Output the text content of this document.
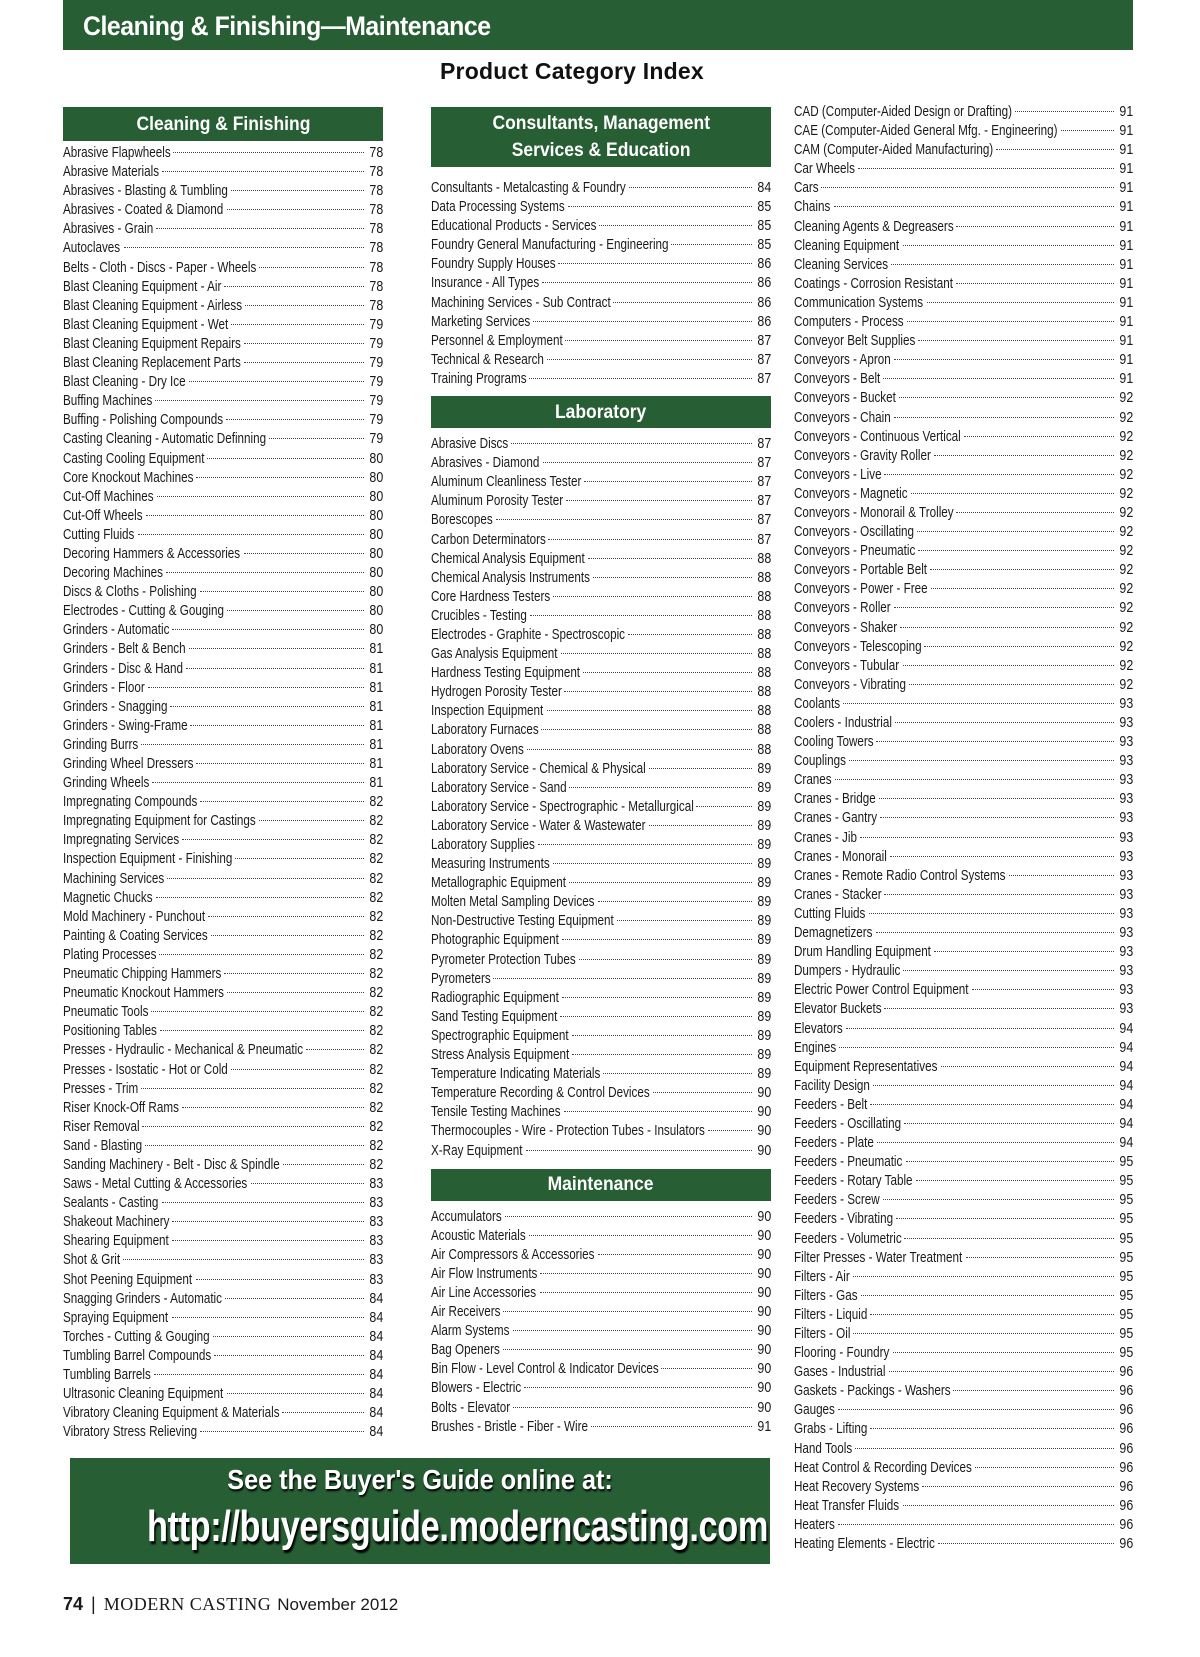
Cleaning & Finishing—Maintenance
Product Category Index
Cleaning & Finishing
Abrasive Flapwheels	78
Abrasive Materials	78
Abrasives - Blasting & Tumbling	78
Abrasives - Coated & Diamond	78
Abrasives - Grain	78
Autoclaves	78
Belts - Cloth - Discs - Paper - Wheels	78
Blast Cleaning Equipment - Air	78
Blast Cleaning Equipment - Airless	78
Blast Cleaning Equipment - Wet	79
Blast Cleaning Equipment Repairs	79
Blast Cleaning Replacement Parts	79
Blast Cleaning - Dry Ice	79
Buffing Machines	79
Buffing - Polishing Compounds	79
Casting Cleaning - Automatic Definning	79
Casting Cooling Equipment	80
Core Knockout Machines	80
Cut-Off Machines	80
Cut-Off Wheels	80
Cutting Fluids	80
Decoring Hammers & Accessories	80
Decoring Machines	80
Discs & Cloths - Polishing	80
Electrodes - Cutting & Gouging	80
Grinders - Automatic	80
Grinders - Belt & Bench	81
Grinders - Disc & Hand	81
Grinders - Floor	81
Grinders - Snagging	81
Grinders - Swing-Frame	81
Grinding Burrs	81
Grinding Wheel Dressers	81
Grinding Wheels	81
Impregnating Compounds	82
Impregnating Equipment for Castings	82
Impregnating Services	82
Inspection Equipment - Finishing	82
Machining Services	82
Magnetic Chucks	82
Mold Machinery - Punchout	82
Painting & Coating Services	82
Plating Processes	82
Pneumatic Chipping Hammers	82
Pneumatic Knockout Hammers	82
Pneumatic Tools	82
Positioning Tables	82
Presses - Hydraulic - Mechanical & Pneumatic	82
Presses - Isostatic - Hot or Cold	82
Presses - Trim	82
Riser Knock-Off Rams	82
Riser Removal	82
Sand - Blasting	82
Sanding Machinery - Belt - Disc & Spindle	82
Saws - Metal Cutting & Accessories	83
Sealants - Casting	83
Shakeout Machinery	83
Shearing Equipment	83
Shot & Grit	83
Shot Peening Equipment	83
Snagging Grinders - Automatic	84
Spraying Equipment	84
Torches - Cutting & Gouging	84
Tumbling Barrel Compounds	84
Tumbling Barrels	84
Ultrasonic Cleaning Equipment	84
Vibratory Cleaning Equipment & Materials	84
Vibratory Stress Relieving	84
Consultants, Management
Services & Education
Consultants - Metalcasting & Foundry	84
Data Processing Systems	85
Educational Products - Services	85
Foundry General Manufacturing - Engineering	85
Foundry Supply Houses	86
Insurance - All Types	86
Machining Services - Sub Contract	86
Marketing Services	86
Personnel & Employment	87
Technical & Research	87
Training Programs	87
Laboratory
Abrasive Discs	87
Abrasives - Diamond	87
Aluminum Cleanliness Tester	87
Aluminum Porosity Tester	87
Borescopes	87
Carbon Determinators	87
Chemical Analysis Equipment	88
Chemical Analysis Instruments	88
Core Hardness Testers	88
Crucibles - Testing	88
Electrodes - Graphite - Spectroscopic	88
Gas Analysis Equipment	88
Hardness Testing Equipment	88
Hydrogen Porosity Tester	88
Inspection Equipment	88
Laboratory Furnaces	88
Laboratory Ovens	88
Laboratory Service - Chemical & Physical	89
Laboratory Service - Sand	89
Laboratory Service - Spectrographic - Metallurgical	89
Laboratory Service - Water & Wastewater	89
Laboratory Supplies	89
Measuring Instruments	89
Metallographic Equipment	89
Molten Metal Sampling Devices	89
Non-Destructive Testing Equipment	89
Photographic Equipment	89
Pyrometer Protection Tubes	89
Pyrometers	89
Radiographic Equipment	89
Sand Testing Equipment	89
Spectrographic Equipment	89
Stress Analysis Equipment	89
Temperature Indicating Materials	89
Temperature Recording & Control Devices	90
Tensile Testing Machines	90
Thermocouples - Wire - Protection Tubes - Insulators	90
X-Ray Equipment	90
Maintenance
Accumulators	90
Acoustic Materials	90
Air Compressors & Accessories	90
Air Flow Instruments	90
Air Line Accessories	90
Air Receivers	90
Alarm Systems	90
Bag Openers	90
Bin Flow - Level Control & Indicator Devices	90
Blowers - Electric	90
Bolts - Elevator	90
Brushes - Bristle - Fiber - Wire	91
CAD (Computer-Aided Design or Drafting)	91
CAE (Computer-Aided General Mfg. - Engineering)	91
CAM (Computer-Aided Manufacturing)	91
Car Wheels	91
Cars	91
Chains	91
Cleaning Agents & Degreasers	91
Cleaning Equipment	91
Cleaning Services	91
Coatings - Corrosion Resistant	91
Communication Systems	91
Computers - Process	91
Conveyor Belt Supplies	91
Conveyors - Apron	91
Conveyors - Belt	91
Conveyors - Bucket	92
Conveyors - Chain	92
Conveyors - Continuous Vertical	92
Conveyors - Gravity Roller	92
Conveyors - Live	92
Conveyors - Magnetic	92
Conveyors - Monorail & Trolley	92
Conveyors - Oscillating	92
Conveyors - Pneumatic	92
Conveyors - Portable Belt	92
Conveyors - Power - Free	92
Conveyors - Roller	92
Conveyors - Shaker	92
Conveyors - Telescoping	92
Conveyors - Tubular	92
Conveyors - Vibrating	92
Coolants	93
Coolers - Industrial	93
Cooling Towers	93
Couplings	93
Cranes	93
Cranes - Bridge	93
Cranes - Gantry	93
Cranes - Jib	93
Cranes - Monorail	93
Cranes - Remote Radio Control Systems	93
Cranes - Stacker	93
Cutting Fluids	93
Demagnetizers	93
Drum Handling Equipment	93
Dumpers - Hydraulic	93
Electric Power Control Equipment	93
Elevator Buckets	93
Elevators	94
Engines	94
Equipment Representatives	94
Facility Design	94
Feeders - Belt	94
Feeders - Oscillating	94
Feeders - Plate	94
Feeders - Pneumatic	95
Feeders - Rotary Table	95
Feeders - Screw	95
Feeders - Vibrating	95
Feeders - Volumetric	95
Filter Presses - Water Treatment	95
Filters - Air	95
Filters - Gas	95
Filters - Liquid	95
Filters - Oil	95
Flooring - Foundry	95
Gases - Industrial	96
Gaskets - Packings - Washers	96
Gauges	96
Grabs - Lifting	96
Hand Tools	96
Heat Control & Recording Devices	96
Heat Recovery Systems	96
Heat Transfer Fluids	96
Heaters	96
Heating Elements - Electric	96
See the Buyer's Guide online at:
http://buyersguide.moderncasting.com
74 | MODERN CASTING November 2012
